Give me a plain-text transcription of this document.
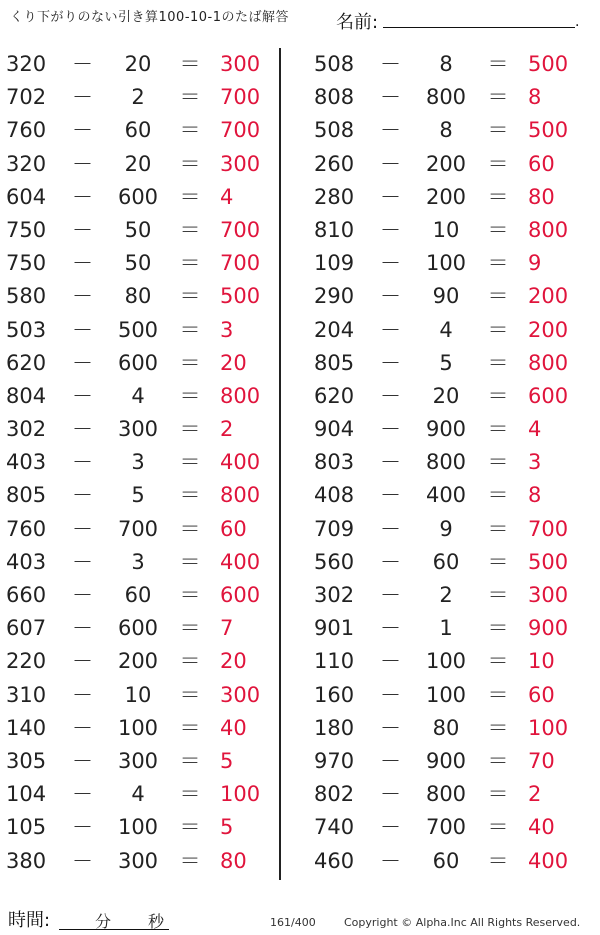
くり下がりのない引き算100-10-1のたば解答	名前:	.
320	－	20	＝ 300
702	－	2	＝ 700
760	－	60	＝ 700
320	－	20	＝ 300
604	－	600	＝ 4
750	－	50	＝ 700
750	－	50	＝ 700
580	－	80	＝ 500
503	－	500	＝ 3
620	－	600	＝ 20
804	－	4	＝ 800
302	－	300	＝ 2
403	－	3	＝ 400
805	－	5	＝ 800
760	－	700	＝ 60
403	－	3	＝ 400
660	－	60	＝ 600
607	－	600	＝ 7
220	－	200	＝ 20
310	－	10	＝ 300
140	－	100	＝ 40
305	－	300	＝ 5
104	－	4	＝ 100
105	－	100	＝ 5
380	－	300	＝ 80
508	－	8	＝ 500
808	－	800	＝ 8
508	－	8	＝ 500
260	－	200	＝ 60
280	－	200	＝ 80
810	－	10	＝ 800
109	－	100	＝ 9
290	－	90	＝ 200
204	－	4	＝ 200
805	－	5	＝ 800
620	－	20	＝ 600
904	－	900	＝ 4
803	－	800	＝ 3
408	－	400	＝ 8
709	－	9	＝ 700
560	－	60	＝ 500
302	－	2	＝ 300
901	－	1	＝ 900
110	－	100	＝ 10
160	－	100	＝ 60
180	－	80	＝ 100
970	－	900	＝ 70
802	－	800	＝ 2
740	－	700	＝ 40
460	－	60	＝ 400
時間:	分 秒	161/400	Copyright © Alpha.Inc All Rights Reserved.
